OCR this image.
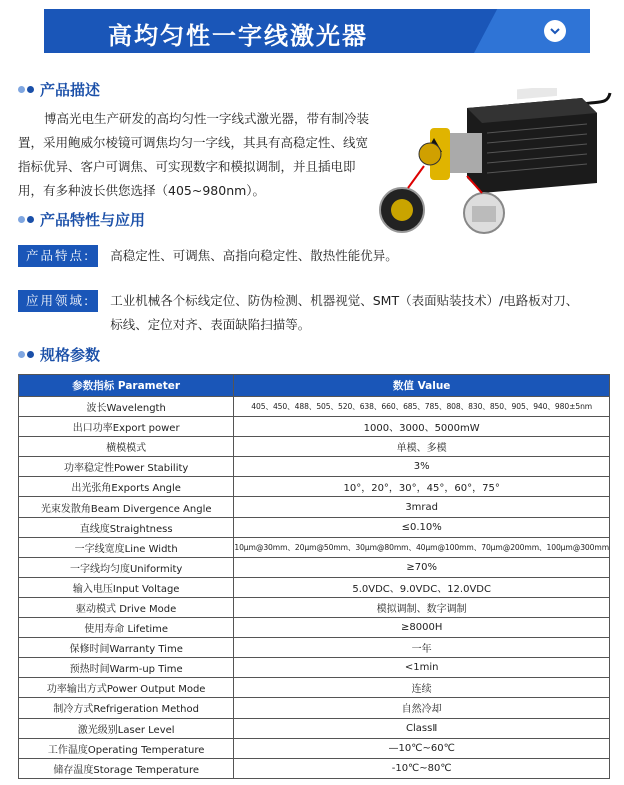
高均匀性一字线激光器
产品描述
博高光电生产研发的高均匀性一字线式激光器，带有制冷装置，采用鲍威尔棱镜可调焦均匀一字线，其具有高稳定性、线宽指标优异、客户可调焦、可实现数字和模拟调制，并且插电即用，有多种波长供您选择（405~980nm）。
产品特性与应用
产品特点:	高稳定性、可调焦、高指向稳定性、散热性能优异。
应用领域:	工业机械各个标线定位、防伪检测、机器视觉、SMT（表面贴装技术）/电路板对刀、标线、定位对齐、表面缺陷扫描等。
规格参数
参数指标 Parameter	数值 Value
波长Wavelength	405、450、488、505、520、638、660、685、785、808、830、850、905、940、980±5nm
出口功率Export power	1000、3000、5000mW
横模模式	单模、多模
功率稳定性Power Stability	3%
出光张角Exports Angle	10°，20°，30°，45°，60°，75°
光束发散角Beam Divergence Angle	3mrad
直线度Straightness	≤0.10%
一字线宽度Line Width	10μm@30mm、20μm@50mm、30μm@80mm、40μm@100mm、70μm@200mm、100μm@300mm
一字线均匀度Uniformity	≥70%
输入电压Input Voltage	5.0VDC、9.0VDC、12.0VDC
驱动模式 Drive Mode	模拟调制、数字调制
使用寿命 Lifetime	≥8000H
保修时间Warranty Time	一年
预热时间Warm-up Time	<1min
功率输出方式Power Output Mode	连续
制冷方式Refrigeration Method	自然冷却
激光级别Laser Level	ClassⅡ
工作温度Operating Temperature	—10℃~60℃
储存温度Storage Temperature	-10℃~80℃
